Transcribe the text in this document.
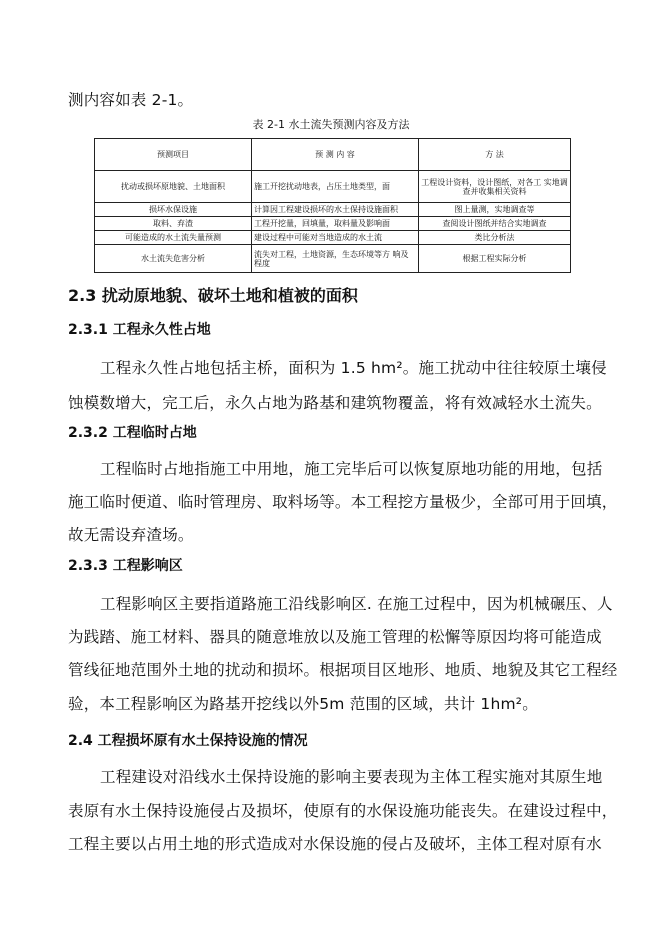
测内容如表 2-1。
表 2-1 水土流失预测内容及方法
预测项目	预 测 内 容	方 法
扰动或损坏原地貌、土地面积	施工开挖扰动地表，占压土地类型，面	工程设计资料，设计图纸，对各工 实地调查并收集相关资料
损坏水保设施	计算因工程建设损坏的水土保持设施面积	图上量测，实地调查等
取料、弃渣	工程开挖量，回填量，取料量及影响面	查阅设计图纸并结合实地调查
可能造成的水土流失量预测	建设过程中可能对当地造成的水土流	类比分析法
水土流失危害分析	流失对工程，土地资源，生态环境等方 响及程度	根据工程实际分析
2.3 扰动原地貌、破坏土地和植被的面积
2.3.1 工程永久性占地
工程永久性占地包括主桥，面积为 1.5 hm²。施工扰动中往往较原土壤侵
蚀模数增大，完工后，永久占地为路基和建筑物覆盖，将有效减轻水土流失。
2.3.2 工程临时占地
工程临时占地指施工中用地，施工完毕后可以恢复原地功能的用地，包括
施工临时便道、临时管理房、取料场等。本工程挖方量极少，全部可用于回填，
故无需设弃渣场。
2.3.3 工程影响区
工程影响区主要指道路施工沿线影响区. 在施工过程中，因为机械碾压、人
为践踏、施工材料、器具的随意堆放以及施工管理的松懈等原因均将可能造成
管线征地范围外土地的扰动和损坏。根据项目区地形、地质、地貌及其它工程经
验，本工程影响区为路基开挖线以外5m 范围的区域，共计 1hm²。
2.4 工程损坏原有水土保持设施的情况
工程建设对沿线水土保持设施的影响主要表现为主体工程实施对其原生地
表原有水土保持设施侵占及损坏，使原有的水保设施功能丧失。在建设过程中，
工程主要以占用土地的形式造成对水保设施的侵占及破坏，主体工程对原有水
